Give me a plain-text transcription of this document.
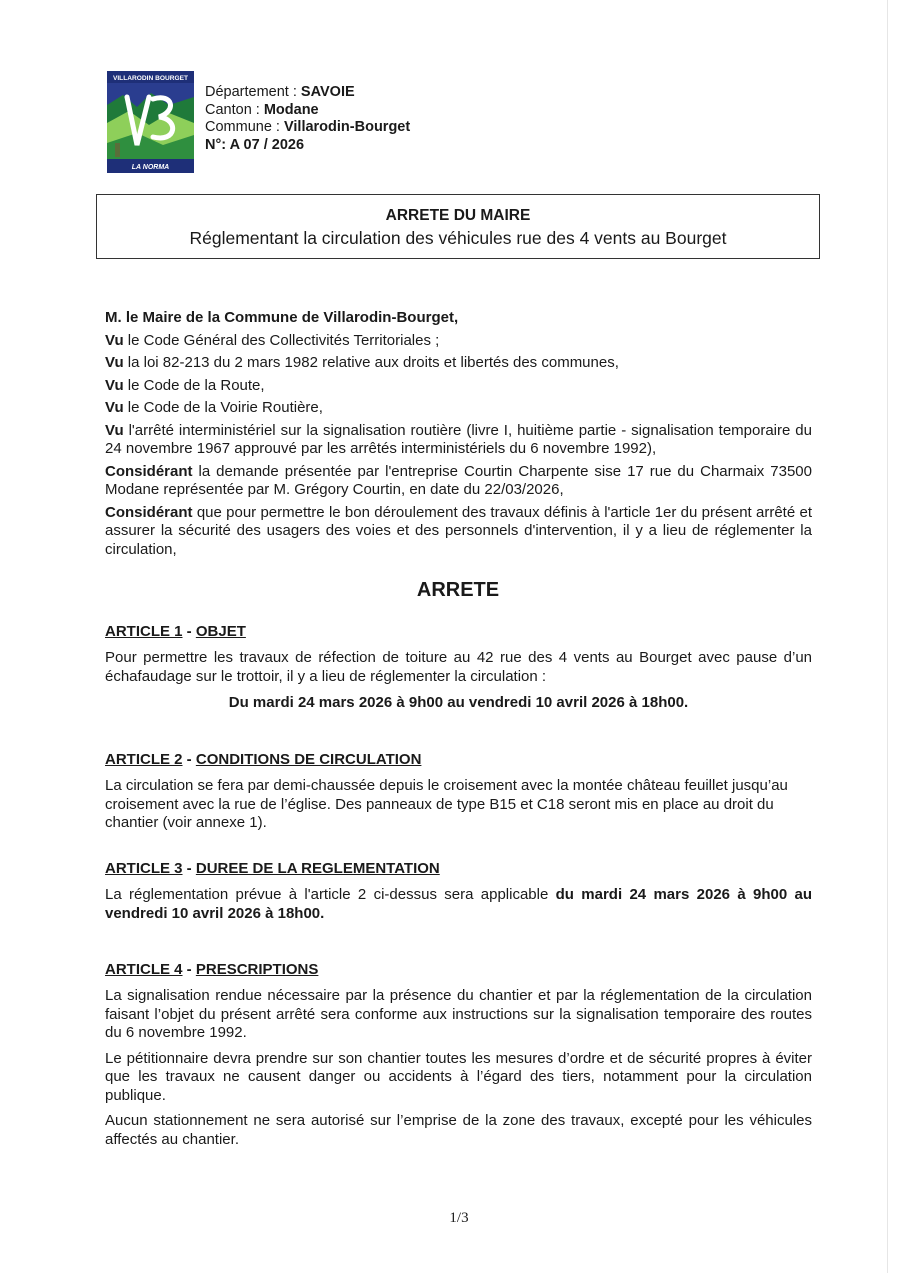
VILLARODIN BOURGET
LA NORMA
Département : SAVOIE
Canton : Modane
Commune : Villarodin-Bourget
N°: A 07 / 2026
ARRETE DU MAIRE
Réglementant la circulation des véhicules rue des 4 vents au Bourget
M. le Maire de la Commune de Villarodin-Bourget,
Vu le Code Général des Collectivités Territoriales ;
Vu la loi 82-213 du 2 mars 1982 relative aux droits et libertés des communes,
Vu le Code de la Route,
Vu le Code de la Voirie Routière,
Vu l'arrêté interministériel sur la signalisation routière (livre I, huitième partie - signalisation temporaire du 24 novembre 1967 approuvé par les arrêtés interministériels du 6 novembre 1992),
Considérant la demande présentée par l'entreprise Courtin Charpente sise 17 rue du Charmaix 73500 Modane représentée par M. Grégory Courtin, en date du 22/03/2026,
Considérant que pour permettre le bon déroulement des travaux définis à l'article 1er du présent arrêté et assurer la sécurité des usagers des voies et des personnels d'intervention, il y a lieu de réglementer la circulation,
ARRETE
ARTICLE 1 - OBJET
Pour permettre les travaux de réfection de toiture au 42 rue des 4 vents au Bourget avec pause d’un échafaudage sur le trottoir, il y a lieu de réglementer la circulation :
Du mardi 24 mars 2026 à 9h00 au vendredi 10 avril 2026 à 18h00.
ARTICLE 2 - CONDITIONS DE CIRCULATION
La circulation se fera par demi-chaussée depuis le croisement avec la montée château feuillet jusqu’au croisement avec la rue de l’église. Des panneaux de type B15 et C18 seront mis en place au droit du chantier (voir annexe 1).
ARTICLE 3 - DUREE DE LA REGLEMENTATION
La réglementation prévue à l'article 2 ci-dessus sera applicable du mardi 24 mars 2026 à 9h00 au vendredi 10 avril 2026 à 18h00.
ARTICLE 4 - PRESCRIPTIONS
La signalisation rendue nécessaire par la présence du chantier et par la réglementation de la circulation faisant l’objet du présent arrêté sera conforme aux instructions sur la signalisation temporaire des routes du 6 novembre 1992.
Le pétitionnaire devra prendre sur son chantier toutes les mesures d’ordre et de sécurité propres à éviter que les travaux ne causent danger ou accidents à l’égard des tiers, notamment pour la circulation publique.
Aucun stationnement ne sera autorisé sur l’emprise de la zone des travaux, excepté pour les véhicules affectés au chantier.
1/3
